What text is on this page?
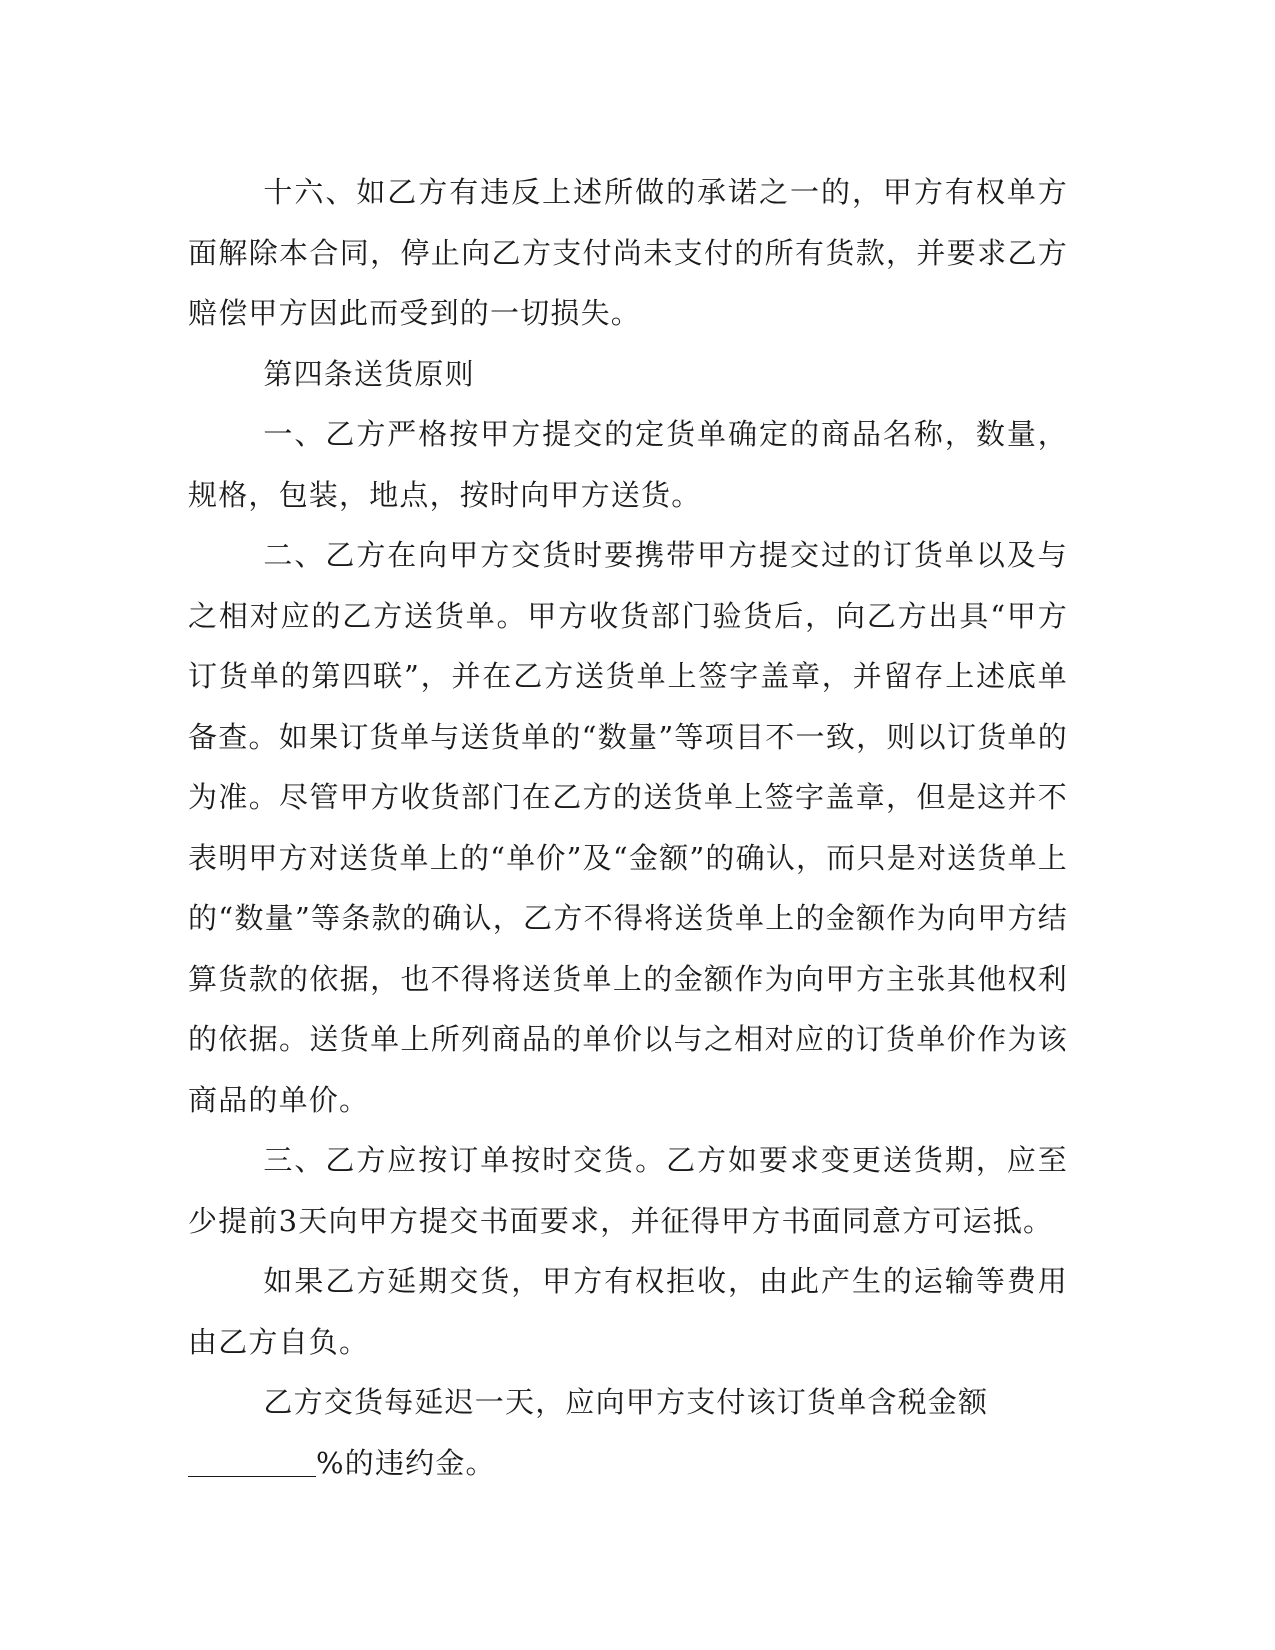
十六、如乙方有违反上述所做的承诺之一的，甲方有权单方面解除本合同，停止向乙方支付尚未支付的所有货款，并要求乙方赔偿甲方因此而受到的一切损失。

第四条送货原则

一、乙方严格按甲方提交的定货单确定的商品名称，数量，规格，包装，地点，按时向甲方送货。

二、乙方在向甲方交货时要携带甲方提交过的订货单以及与之相对应的乙方送货单。甲方收货部门验货后，向乙方出具“甲方订货单的第四联”，并在乙方送货单上签字盖章，并留存上述底单备查。如果订货单与送货单的“数量”等项目不一致，则以订货单的为准。尽管甲方收货部门在乙方的送货单上签字盖章，但是这并不表明甲方对送货单上的“单价”及“金额”的确认，而只是对送货单上的“数量”等条款的确认，乙方不得将送货单上的金额作为向甲方结算货款的依据，也不得将送货单上的金额作为向甲方主张其他权利的依据。送货单上所列商品的单价以与之相对应的订货单价作为该商品的单价。

三、乙方应按订单按时交货。乙方如要求变更送货期，应至少提前3天向甲方提交书面要求，并征得甲方书面同意方可运抵。

如果乙方延期交货，甲方有权拒收，由此产生的运输等费用由乙方自负。

乙方交货每延迟一天，应向甲方支付该订货单含税金额

%的违约金。
